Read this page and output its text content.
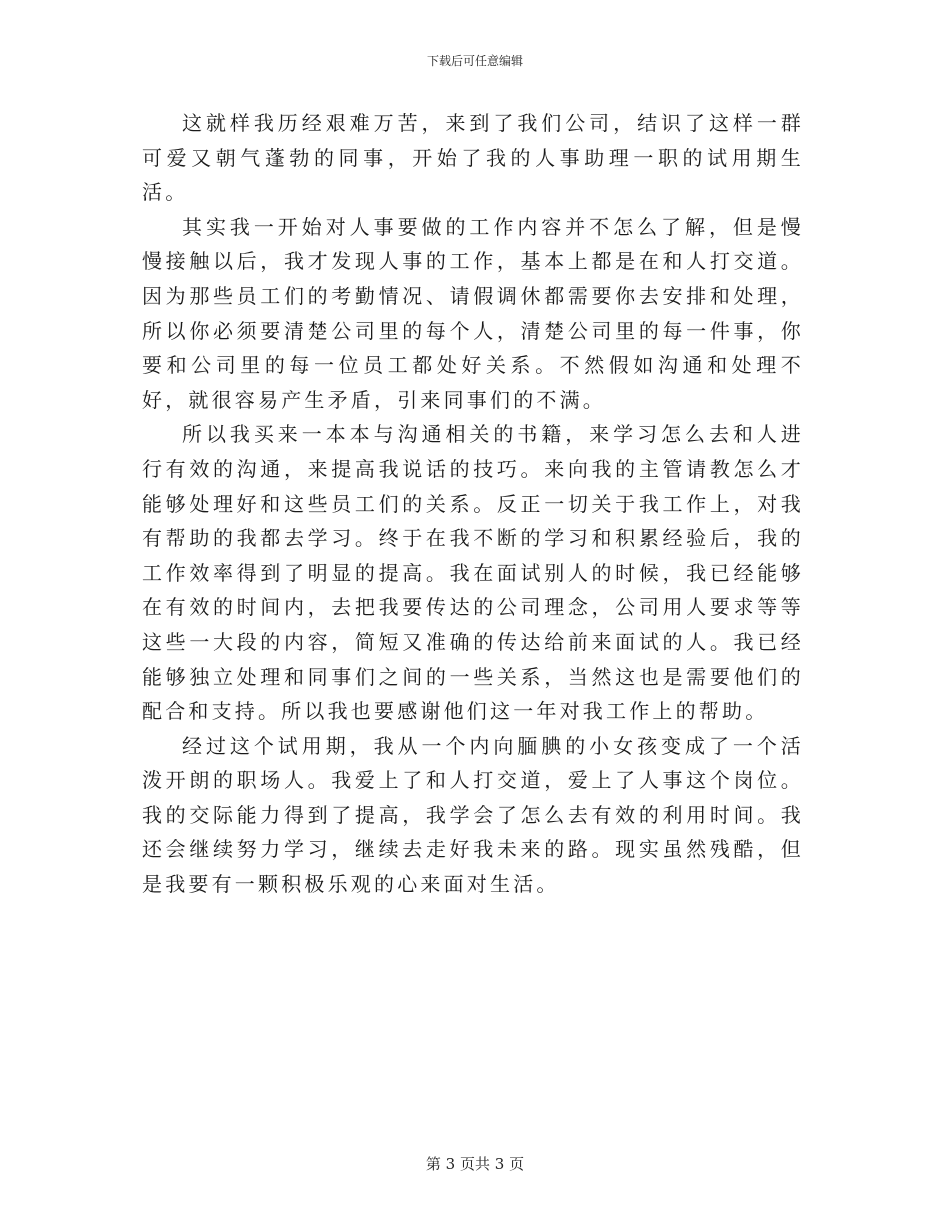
下载后可任意编辑

这就样我历经艰难万苦，来到了我们公司，结识了这样一群可爱又朝气蓬勃的同事，开始了我的人事助理一职的试用期生活。

其实我一开始对人事要做的工作内容并不怎么了解，但是慢慢接触以后，我才发现人事的工作，基本上都是在和人打交道。因为那些员工们的考勤情况、请假调休都需要你去安排和处理，所以你必须要清楚公司里的每个人，清楚公司里的每一件事，你要和公司里的每一位员工都处好关系。不然假如沟通和处理不好，就很容易产生矛盾，引来同事们的不满。

所以我买来一本本与沟通相关的书籍，来学习怎么去和人进行有效的沟通，来提高我说话的技巧。来向我的主管请教怎么才能够处理好和这些员工们的关系。反正一切关于我工作上，对我有帮助的我都去学习。终于在我不断的学习和积累经验后，我的工作效率得到了明显的提高。我在面试别人的时候，我已经能够在有效的时间内，去把我要传达的公司理念，公司用人要求等等这些一大段的内容，简短又准确的传达给前来面试的人。我已经能够独立处理和同事们之间的一些关系，当然这也是需要他们的配合和支持。所以我也要感谢他们这一年对我工作上的帮助。

经过这个试用期，我从一个内向腼腆的小女孩变成了一个活泼开朗的职场人。我爱上了和人打交道，爱上了人事这个岗位。我的交际能力得到了提高，我学会了怎么去有效的利用时间。我还会继续努力学习，继续去走好我未来的路。现实虽然残酷，但是我要有一颗积极乐观的心来面对生活。

第 3 页共 3 页
